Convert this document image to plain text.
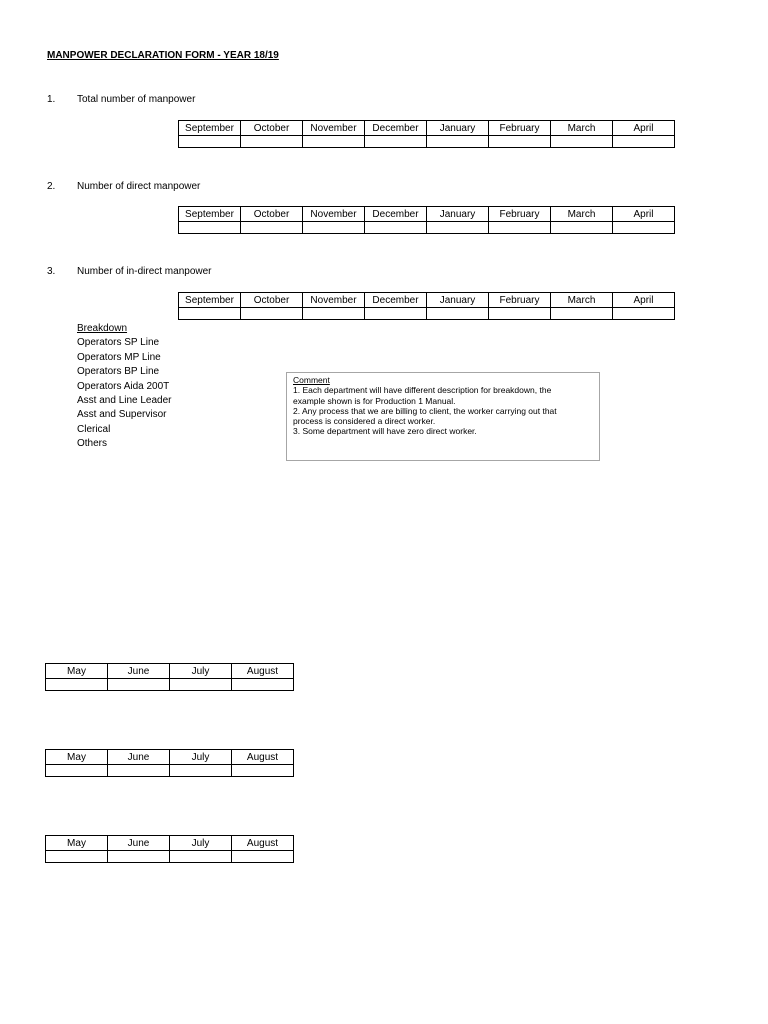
MANPOWER DECLARATION FORM - YEAR 18/19
1. Total number of manpower
September	October	November	December	January	February	March	April

2. Number of direct manpower
September	October	November	December	January	February	March	April

3. Number of in-direct manpower
September	October	November	December	January	February	March	April

Breakdown
Operators SP Line
Operators MP Line
Operators BP Line
Operators Aida 200T
Asst and Line Leader
Asst and Supervisor
Clerical
Others
Comment
1. Each department will have different description for breakdown, the
example shown is for Production 1 Manual.
2. Any process that we are billing to client, the worker carrying out that
process is considered a direct worker.
3. Some department will have zero direct worker.
May	June	July	August

May	June	July	August

May	June	July	August
